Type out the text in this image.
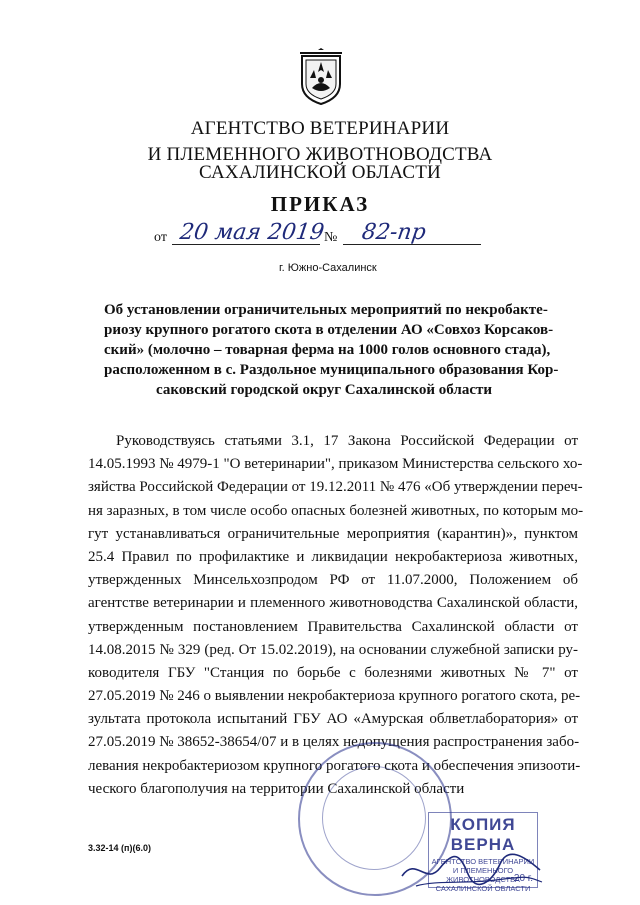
АГЕНТСТВО ВЕТЕРИНАРИИ
И ПЛЕМЕННОГО ЖИВОТНОВОДСТВА
САХАЛИНСКОЙ ОБЛАСТИ
ПРИКАЗ
от 20 мая 2019
№ 82-пр
г. Южно-Сахалинск
Об установлении ограничительных мероприятий по некробакте-
риозу крупного рогатого скота в отделении АО «Совхоз Корсаков-
ский» (молочно – товарная ферма на 1000 голов основного стада),
расположенном в с. Раздольное муниципального образования Кор-
саковский городской округ Сахалинской области
Руководствуясь статьями 3.1, 17 Закона Российской Федерации от
14.05.1993 № 4979-1 "О ветеринарии", приказом Министерства сельского хо-
зяйства Российской Федерации от 19.12.2011 № 476 «Об утверждении переч-
ня заразных, в том числе особо опасных болезней животных, по которым мо-
гут устанавливаться ограничительные мероприятия (карантин)», пунктом
25.4 Правил по профилактике и ликвидации некробактериоза животных,
утвержденных Минсельхозпродом РФ от 11.07.2000, Положением об
агентстве ветеринарии и племенного животноводства Сахалинской области,
утвержденным постановлением Правительства Сахалинской области от
14.08.2015 № 329 (ред. От 15.02.2019), на основании служебной записки ру-
ководителя ГБУ "Станция по борьбе с болезнями животных № 7" от
27.05.2019 № 246 о выявлении некробактериоза крупного рогатого скота, ре-
зультата протокола испытаний ГБУ АО «Амурская облветлаборатория» от
27.05.2019 № 38652-38654/07 и в целях недопущения распространения забо-
левания некробактериозом крупного рогатого скота и обеспечения эпизооти-
ческого благополучия на территории Сахалинской области
3.32-14 (п)(6.0)
КОПИЯ ВЕРНА
АГЕНТСТВО ВЕТЕРИНАРИИ И ПЛЕМЕННОГО ЖИВОТНОВОДСТВА САХАЛИНСКОЙ ОБЛАСТИ
20 г.
